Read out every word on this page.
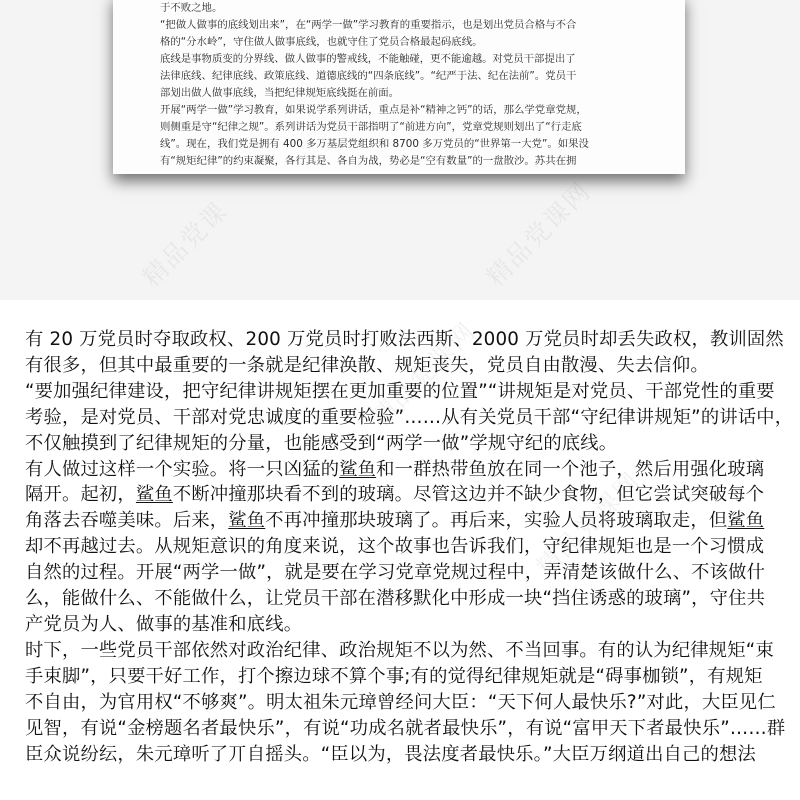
于不败之地。

“把做人做事的底线划出来”，在“两学一做”学习教育的重要指示，也是划出党员合格与不合

格的“分水岭”，守住做人做事底线，也就守住了党员合格最起码底线。

底线是事物质变的分界线、做人做事的警戒线，不能触碰，更不能逾越。对党员干部提出了

法律底线、纪律底线、政策底线、道德底线的“四条底线”。“纪严于法、纪在法前”。党员干

部划出做人做事底线，当把纪律规矩底线挺在前面。

开展“两学一做”学习教育，如果说学系列讲话，重点是补“精神之钙”的话，那么学党章党规，

则侧重是守“纪律之规”。系列讲话为党员干部指明了“前进方向”，党章党规则划出了“行走底

线”。现在，我们党是拥有 400 多万基层党组织和 8700 多万党员的“世界第一大党”。如果没

有“规矩纪律”的约束凝聚，各行其是、各自为战，势必是“空有数量”的一盘散沙。苏共在拥

精品党课	精品党课网
精品党课网
精品党课网

有 20 万党员时夺取政权、200 万党员时打败法西斯、2000 万党员时却丢失政权，教训固然

有很多，但其中最重要的一条就是纪律涣散、规矩丧失，党员自由散漫、失去信仰。

“要加强纪律建设，把守纪律讲规矩摆在更加重要的位置”“讲规矩是对党员、干部党性的重要

考验，是对党员、干部对党忠诚度的重要检验”……从有关党员干部“守纪律讲规矩”的讲话中，

不仅触摸到了纪律规矩的分量，也能感受到“两学一做”学规守纪的底线。

有人做过这样一个实验。将一只凶猛的鲨鱼和一群热带鱼放在同一个池子，然后用强化玻璃

隔开。起初，鲨鱼不断冲撞那块看不到的玻璃。尽管这边并不缺少食物，但它尝试突破每个

角落去吞噬美味。后来，鲨鱼不再冲撞那块玻璃了。再后来，实验人员将玻璃取走，但鲨鱼

却不再越过去。从规矩意识的角度来说，这个故事也告诉我们，守纪律规矩也是一个习惯成

自然的过程。开展“两学一做”，就是要在学习党章党规过程中，弄清楚该做什么、不该做什

么，能做什么、不能做什么，让党员干部在潜移默化中形成一块“挡住诱惑的玻璃”，守住共

产党员为人、做事的基准和底线。

时下，一些党员干部依然对政治纪律、政治规矩不以为然、不当回事。有的认为纪律规矩“束

手束脚”，只要干好工作，打个擦边球不算个事;有的觉得纪律规矩就是“碍事枷锁”，有规矩

不自由，为官用权“不够爽”。明太祖朱元璋曾经问大臣：“天下何人最快乐?”对此，大臣见仁

见智，有说“金榜题名者最快乐”，有说“功成名就者最快乐”，有说“富甲天下者最快乐”……群

臣众说纷纭，朱元璋听了丌自摇头。“臣以为，畏法度者最快乐。”大臣万纲道出自己的想法
